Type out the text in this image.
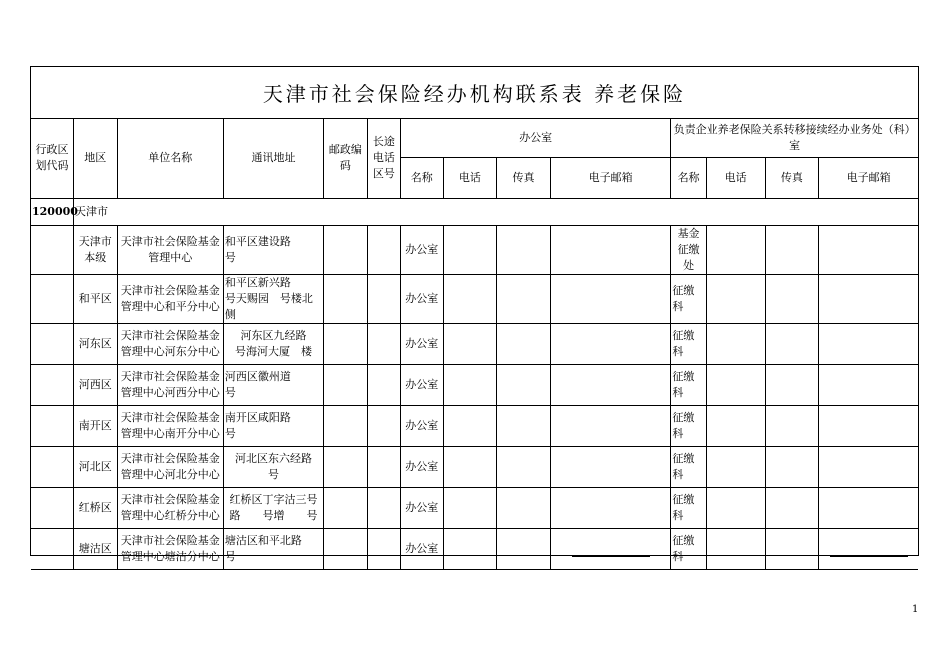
天津市社会保险经办机构联系表 养老保险
行政区划代码	地区	单位名称	通讯地址	邮政编码	长途电话区号	办公室				负责企业养老保险关系转移接续经办业务处（科）室			
						名称	电话	传真	电子邮箱	名称	电话	传真	电子邮箱
120000	天津市												
	天津市本级	天津市社会保险基金管理中心	和平区建设路　　号			办公室				基金征缴处			
	和平区	天津市社会保险基金管理中心和平分中心	和平区新兴路　　号天赐园　号楼北侧			办公室				征缴科			
	河东区	天津市社会保险基金管理中心河东分中心	河东区九经路　　号海河大厦　楼			办公室				征缴科			
	河西区	天津市社会保险基金管理中心河西分中心	河西区徽州道　　号			办公室				征缴科			
	南开区	天津市社会保险基金管理中心南开分中心	南开区咸阳路　　号			办公室				征缴科			
	河北区	天津市社会保险基金管理中心河北分中心	河北区东六经路　　号			办公室				征缴科			
	红桥区	天津市社会保险基金管理中心红桥分中心	红桥区丁字沽三号路　　号增　　号			办公室				征缴科			
	塘沽区	天津市社会保险基金管理中心塘沽分中心	塘沽区和平北路　　号			办公室				征缴科			
1
